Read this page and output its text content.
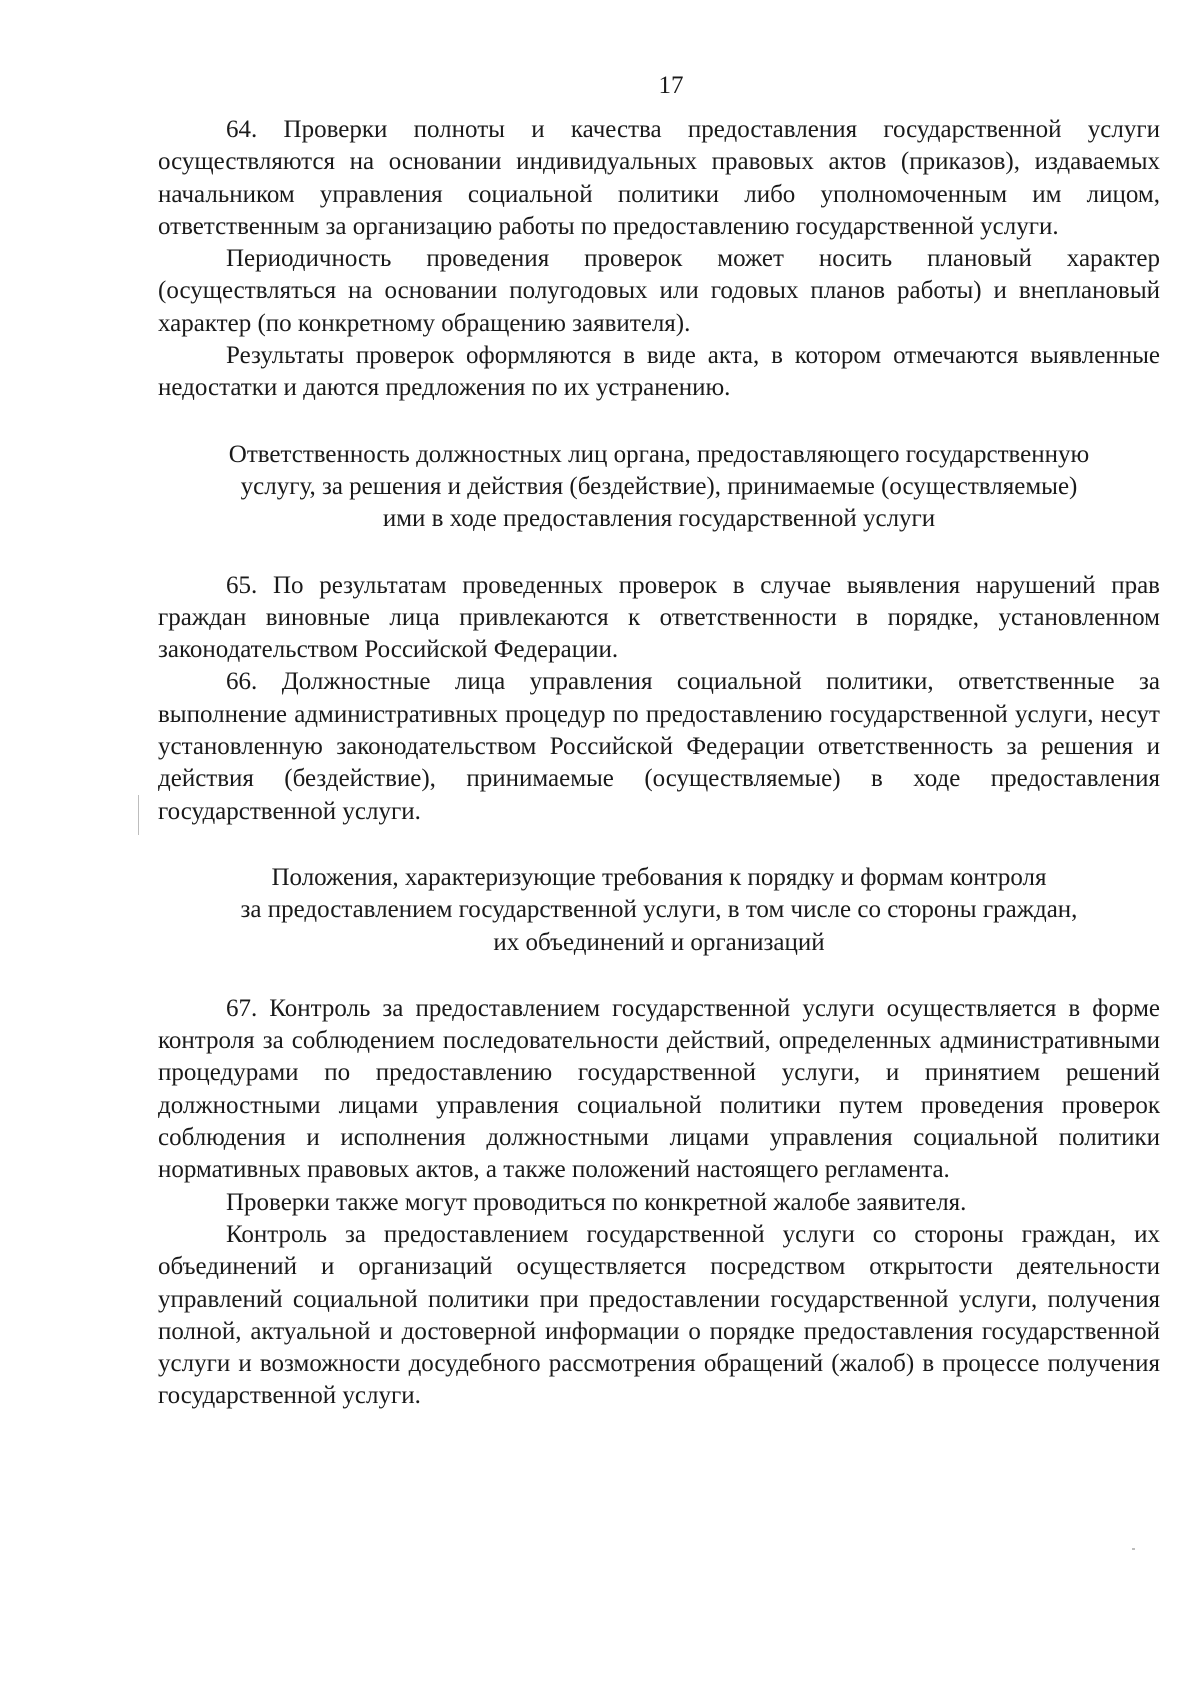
17

64. Проверки полноты и качества предоставления государственной услуги осуществляются на основании индивидуальных правовых актов (приказов), издаваемых начальником управления социальной политики либо уполномоченным им лицом, ответственным за организацию работы по предоставлению государственной услуги.

Периодичность проведения проверок может носить плановый характер (осуществляться на основании полугодовых или годовых планов работы) и внеплановый характер (по конкретному обращению заявителя).

Результаты проверок оформляются в виде акта, в котором отмечаются выявленные недостатки и даются предложения по их устранению.

Ответственность должностных лиц органа, предоставляющего государственную
услугу, за решения и действия (бездействие), принимаемые (осуществляемые)
ими в ходе предоставления государственной услуги

65. По результатам проведенных проверок в случае выявления нарушений прав граждан виновные лица привлекаются к ответственности в порядке, установленном законодательством Российской Федерации.

66. Должностные лица управления социальной политики, ответственные за выполнение административных процедур по предоставлению государственной услуги, несут установленную законодательством Российской Федерации ответственность за решения и действия (бездействие), принимаемые (осуществляемые) в ходе предоставления государственной услуги.

Положения, характеризующие требования к порядку и формам контроля
за предоставлением государственной услуги, в том числе со стороны граждан,
их объединений и организаций

67. Контроль за предоставлением государственной услуги осуществляется в форме контроля за соблюдением последовательности действий, определенных административными процедурами по предоставлению государственной услуги, и принятием решений должностными лицами управления социальной политики путем проведения проверок соблюдения и исполнения должностными лицами управления социальной политики нормативных правовых актов, а также положений настоящего регламента.

Проверки также могут проводиться по конкретной жалобе заявителя.

Контроль за предоставлением государственной услуги со стороны граждан, их объединений и организаций осуществляется посредством открытости деятельности управлений социальной политики при предоставлении государственной услуги, получения полной, актуальной и достоверной информации о порядке предоставления государственной услуги и возможности досудебного рассмотрения обращений (жалоб) в процессе получения государственной услуги.
